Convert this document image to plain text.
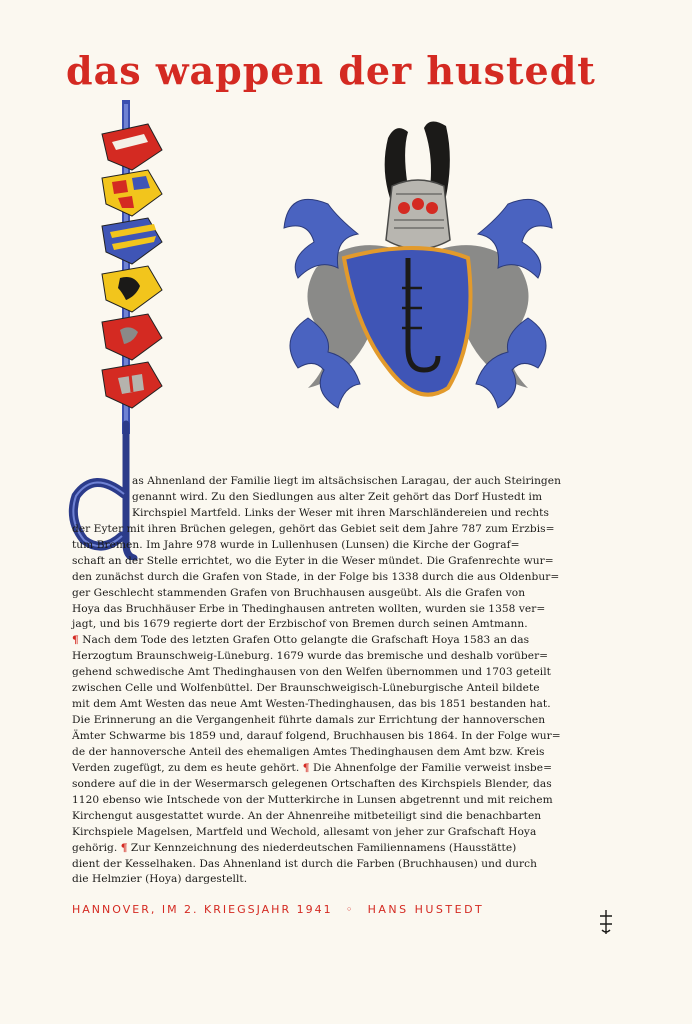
das wappen der hustedt
as Ahnenland der Familie liegt im altsächsischen Laragau, der auch Steiringen
genannt wird. Zu den Siedlungen aus alter Zeit gehört das Dorf Hustedt im
Kirchspiel Martfeld. Links der Weser mit ihren Marschländereien und rechts
der Eyter mit ihren Brüchen gelegen, gehört das Gebiet seit dem Jahre 787 zum Erzbis=
tum Bremen. Im Jahre 978 wurde in Lullenhusen (Lunsen) die Kirche der Gograf=
schaft an der Stelle errichtet, wo die Eyter in die Weser mündet. Die Grafenrechte wur=
den zunächst durch die Grafen von Stade, in der Folge bis 1338 durch die aus Oldenbur=
ger Geschlecht stammenden Grafen von Bruchhausen ausgeübt. Als die Grafen von
Hoya das Bruchhäuser Erbe in Thedinghausen antreten wollten, wurden sie 1358 ver=
jagt, und bis 1679 regierte dort der Erzbischof von Bremen durch seinen Amtmann.
¶ Nach dem Tode des letzten Grafen Otto gelangte die Grafschaft Hoya 1583 an das
Herzogtum Braunschweig-Lüneburg. 1679 wurde das bremische und deshalb vorüber=
gehend schwedische Amt Thedinghausen von den Welfen übernommen und 1703 geteilt
zwischen Celle und Wolfenbüttel. Der Braunschweigisch-Lüneburgische Anteil bildete
mit dem Amt Westen das neue Amt Westen-Thedinghausen, das bis 1851 bestanden hat.
Die Erinnerung an die Vergangenheit führte damals zur Errichtung der hannoverschen
Ämter Schwarme bis 1859 und, darauf folgend, Bruchhausen bis 1864. In der Folge wur=
de der hannoversche Anteil des ehemaligen Amtes Thedinghausen dem Amt bzw. Kreis
Verden zugefügt, zu dem es heute gehört. ¶ Die Ahnenfolge der Familie verweist insbe=
sondere auf die in der Wesermarsch gelegenen Ortschaften des Kirchspiels Blender, das
1120 ebenso wie Intschede von der Mutterkirche in Lunsen abgetrennt und mit reichem
Kirchengut ausgestattet wurde. An der Ahnenreihe mitbeteiligt sind die benachbarten
Kirchspiele Magelsen, Martfeld und Wechold, allesamt von jeher zur Grafschaft Hoya
gehörig. ¶ Zur Kennzeichnung des niederdeutschen Familiennamens (Hausstätte)
dient der Kesselhaken. Das Ahnenland ist durch die Farben (Bruchhausen) und durch
die Helmzier (Hoya) dargestellt.
HANNOVER, IM 2. KRIEGSJAHR 1941 ◦ HANS HUSTEDT
